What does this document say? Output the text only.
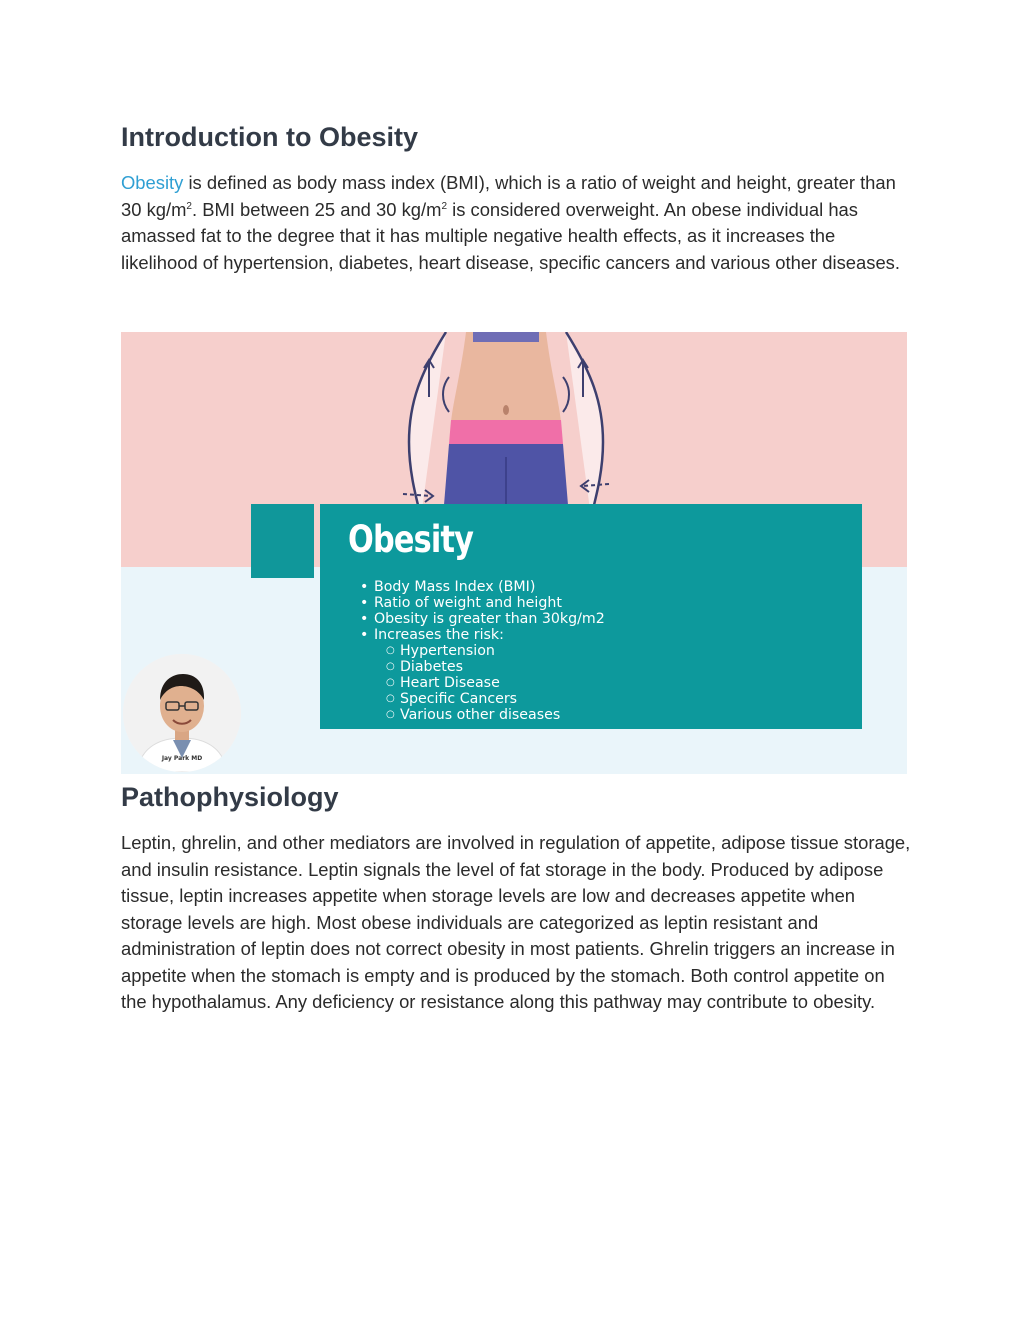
Introduction to Obesity

Obesity is defined as body mass index (BMI), which is a ratio of weight and height, greater than 30 $kg/m^2$. BMI between 25 and 30 $kg/m^2$ is considered overweight. An obese individual has amassed fat to the degree that it has multiple negative health effects, as it increases the likelihood of hypertension, diabetes, heart disease, specific cancers and various other diseases.

Obesity
• Body Mass Index (BMI)
• Ratio of weight and height
• Obesity is greater than 30kg/m2
• Increases the risk:
○ Hypertension
○ Diabetes
○ Heart Disease
○ Specific Cancers
○ Various other diseases
Jay Park MD
Pathophysiology

Leptin, ghrelin, and other mediators are involved in regulation of appetite, adipose tissue storage, and insulin resistance. Leptin signals the level of fat storage in the body. Produced by adipose tissue, leptin increases appetite when storage levels are low and decreases appetite when storage levels are high. Most obese individuals are categorized as leptin resistant and administration of leptin does not correct obesity in most patients. Ghrelin triggers an increase in appetite when the stomach is empty and is produced by the stomach. Both control appetite on the hypothalamus. Any deficiency or resistance along this pathway may contribute to obesity.
